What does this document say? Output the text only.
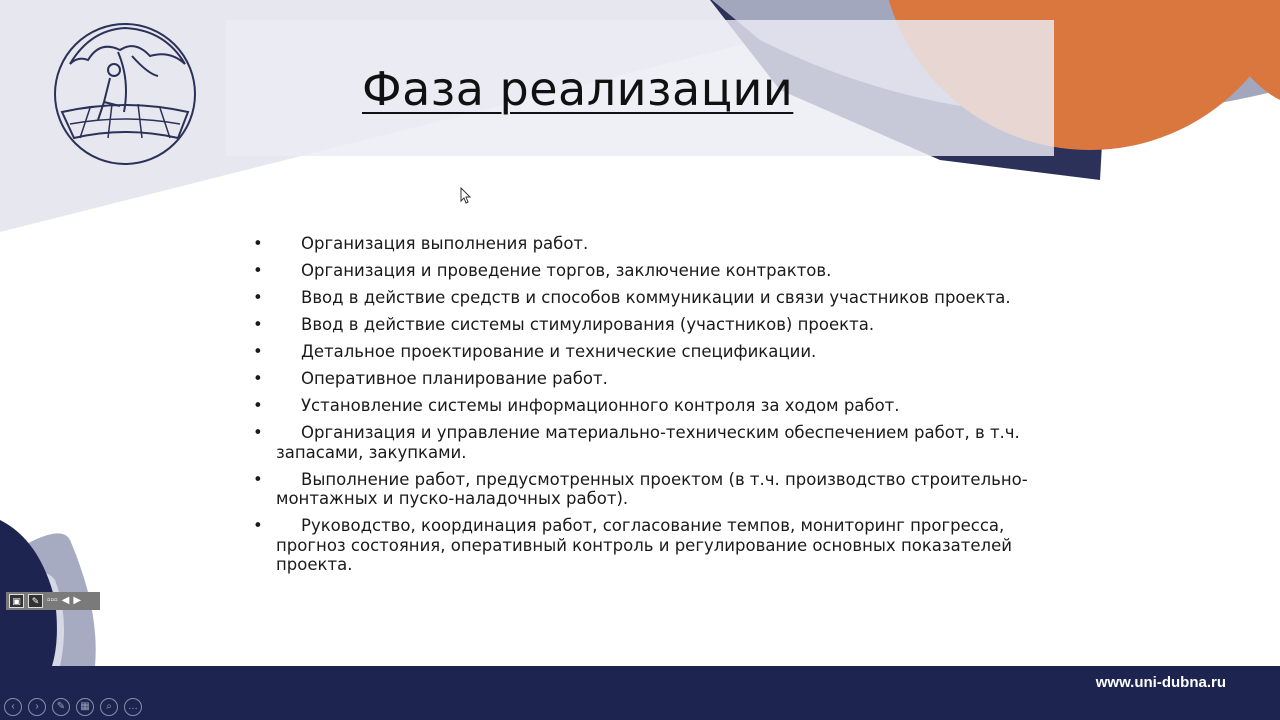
Фаза реализации
•	Организация выполнения работ.
•	Организация и проведение торгов, заключение контрактов.
•	Ввод в действие средств и способов коммуникации и связи участников проекта.
•	Ввод в действие системы стимулирования (участников) проекта.
•	Детальное проектирование и технические спецификации.
•	Оперативное планирование работ.
•	Установление системы информационного контроля за ходом работ.
•	Организация и управление материально-техническим обеспечением работ, в т.ч. запасами, закупками.
•	Выполнение работ, предусмотренных проектом (в т.ч. производство строительно-монтажных и пуско-наладочных работ).
•	Руководство, координация работ, согласование темпов, мониторинг прогресса, прогноз состояния, оперативный контроль и регулирование основных показателей проекта.
www.uni-dubna.ru
▣	✎ ▫▫▫ ◀ ▶
‹	›	✎	▦	⌕	…
